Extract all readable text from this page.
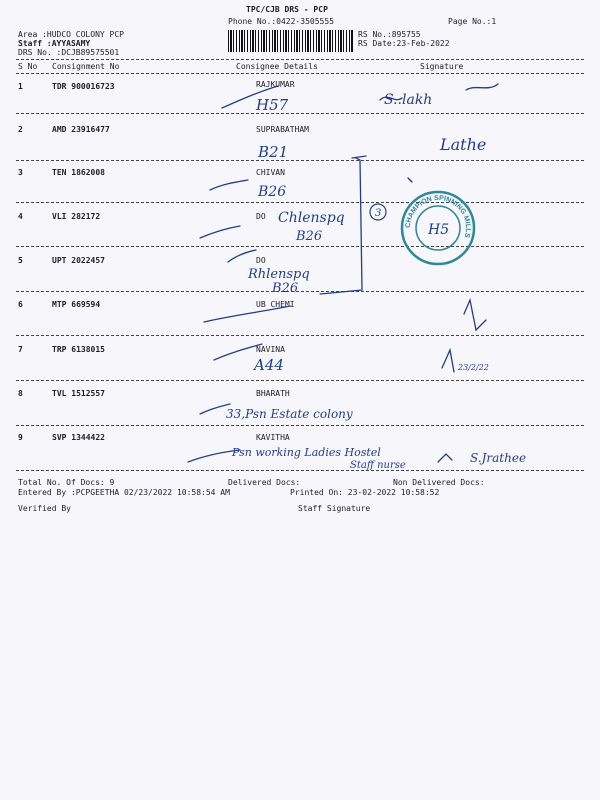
TPC/CJB DRS - PCP
Phone No.:0422-3505555	Page No.:1
Area :HUDCO COLONY PCP
Staff :AYYASAMY
DRS No. :DCJB89575501
RS No.:895755
RS Date:23-Feb-2022
S No Consignment No	Consignee Details	Signature
1	TDR 900016723	RAJKUMAR
2	AMD 23916477	SUPRABATHAM
3	TEN 1862008	CHIVAN
4	VLI 282172	DO
5	UPT 2022457	DO
6	MTP 669594	UB CHEMI
7	TRP 6138015	NAVINA
8	TVL 1512557	BHARATH
9	SVP 1344422	KAVITHA
H57	S..lakh
B21	Lathe
B26
Chlenspq
B26
Rhlenspq
B26
A44	23/2/22
33,Psn Estate colony
Psn working Ladies Hostel
Staff nurse
S.Jrathee
3
CHAMPION SPINNING MILLS
H5
Total No. Of Docs: 9	Delivered Docs:	Non Delivered Docs:
Entered By :PCPGEETHA 02/23/2022 10:58:54 AM	Printed On: 23-02-2022 10:58:52
Verified By	Staff Signature
